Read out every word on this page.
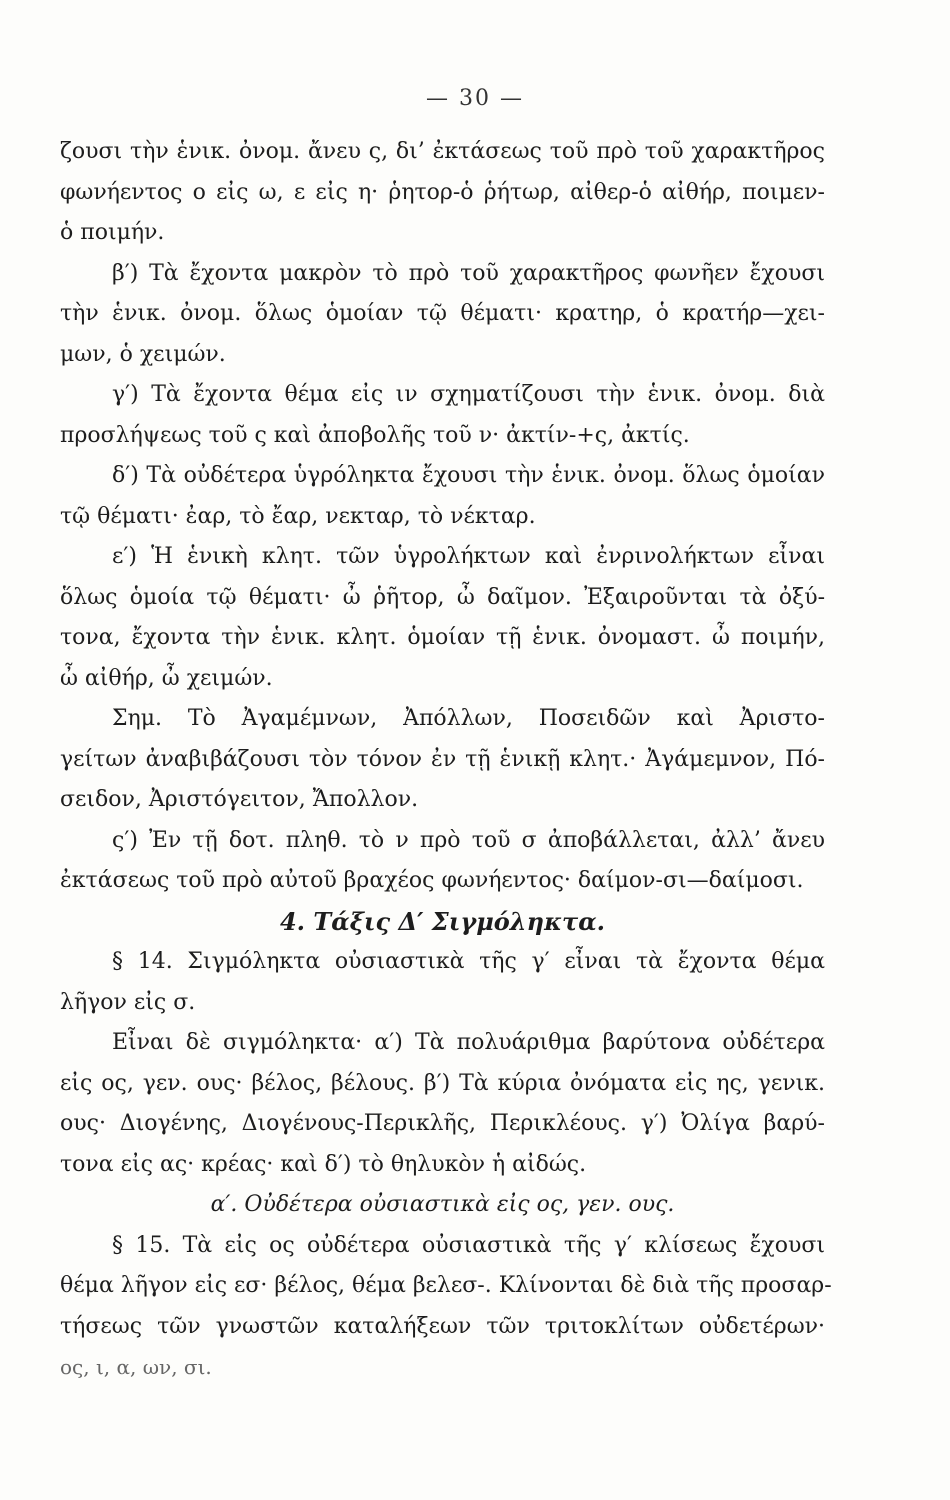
— 30 —
ζουσι τὴν ἑνικ. ὀνομ. ἄνευ ς, δι’ ἐκτάσεως τοῦ πρὸ τοῦ χαρακτῆρος
φωνήεντος ο εἰς ω, ε εἰς η· ῥητορ-ὁ ῥήτωρ, αἰθερ-ὁ αἰθήρ, ποιμεν-
ὁ ποιμήν.
β′) Τὰ ἔχοντα μακρὸν τὸ πρὸ τοῦ χαρακτῆρος φωνῆεν ἔχουσι
τὴν ἑνικ. ὀνομ. ὅλως ὁμοίαν τῷ θέματι· κρατηρ, ὁ κρατήρ—χει-
μων, ὁ χειμών.
γ′) Τὰ ἔχοντα θέμα εἰς ιν σχηματίζουσι τὴν ἑνικ. ὀνομ. διὰ
προσλήψεως τοῦ ς καὶ ἀποβολῆς τοῦ ν· ἀκτίν-+ς, ἀκτίς.
δ′) Τὰ οὐδέτερα ὑγρόληκτα ἔχουσι τὴν ἑνικ. ὀνομ. ὅλως ὁμοίαν
τῷ θέματι· ἐαρ, τὸ ἔαρ, νεκταρ, τὸ νέκταρ.
ε′) Ἡ ἑνικὴ κλητ. τῶν ὑγρολήκτων καὶ ἐνρινολήκτων εἶναι
ὅλως ὁμοία τῷ θέματι· ὦ ῥῆτορ, ὦ δαῖμον. Ἐξαιροῦνται τὰ ὀξύ-
τονα, ἔχοντα τὴν ἑνικ. κλητ. ὁμοίαν τῇ ἑνικ. ὀνομαστ. ὦ ποιμήν,
ὦ αἰθήρ, ὦ χειμών.
Σημ. Τὸ Ἀγαμέμνων, Ἀπόλλων, Ποσειδῶν καὶ Ἀριστο-
γείτων ἀναβιβάζουσι τὸν τόνον ἐν τῇ ἑνικῇ κλητ.· Ἀγάμεμνον, Πό-
σειδον, Ἀριστόγειτον, Ἄπολλον.
ς′) Ἐν τῇ δοτ. πληθ. τὸ ν πρὸ τοῦ σ ἀποβάλλεται, ἀλλ’ ἄνευ
ἐκτάσεως τοῦ πρὸ αὐτοῦ βραχέος φωνήεντος· δαίμον-σι—δαίμοσι.
4. Τάξις Δ′ Σιγμόληκτα.
§ 14. Σιγμόληκτα οὐσιαστικὰ τῆς γ′ εἶναι τὰ ἔχοντα θέμα
λῆγον εἰς σ.
Εἶναι δὲ σιγμόληκτα· α′) Τὰ πολυάριθμα βαρύτονα οὐδέτερα
εἰς ος, γεν. ους· βέλος, βέλους. β′) Τὰ κύρια ὀνόματα εἰς ης, γενικ.
ους· Διογένης, Διογένους-Περικλῆς, Περικλέους. γ′) Ὀλίγα βαρύ-
τονα εἰς ας· κρέας· καὶ δ′) τὸ θηλυκὸν ἡ αἰδώς.
α′. Οὐδέτερα οὐσιαστικὰ εἰς ος, γεν. ους.
§ 15. Τὰ εἰς ος οὐδέτερα οὐσιαστικὰ τῆς γ′ κλίσεως ἔχουσι
θέμα λῆγον εἰς εσ· βέλος, θέμα βελεσ-. Κλίνονται δὲ διὰ τῆς προσαρ-
τήσεως τῶν γνωστῶν καταλήξεων τῶν τριτοκλίτων οὐδετέρων·
ος, ι, α, ων, σι.
